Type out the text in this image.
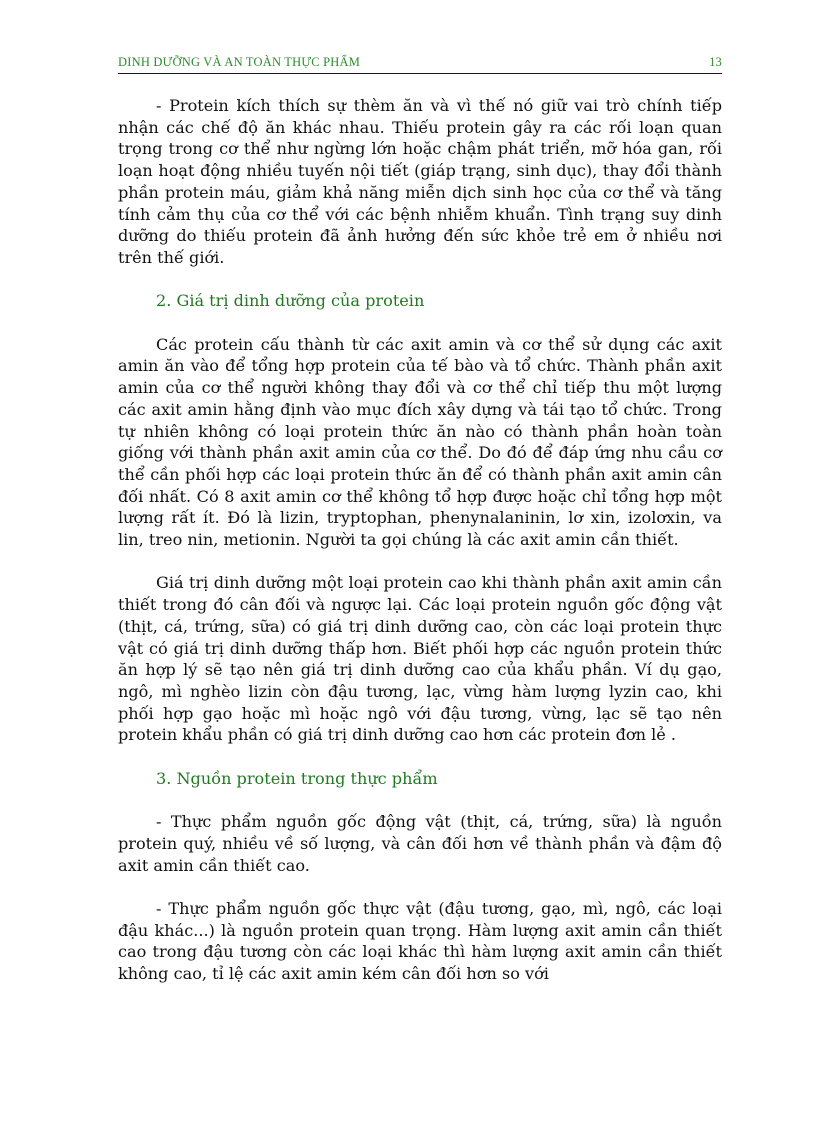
DINH DƯỠNG VÀ AN TOÀN THỰC PHẨM	13

- Protein kích thích sự thèm ăn và vì thế nó giữ vai trò chính tiếp nhận các chế độ ăn khác nhau. Thiếu protein gây ra các rối loạn quan trọng trong cơ thể như ngừng lớn hoặc chậm phát triển, mỡ hóa gan, rối loạn hoạt động nhiều tuyến nội tiết (giáp trạng, sinh dục), thay đổi thành phần protein máu, giảm khả năng miễn dịch sinh học của cơ thể và tăng tính cảm thụ của cơ thể với các bệnh nhiễm khuẩn. Tình trạng suy dinh dưỡng do thiếu protein đã ảnh hưởng đến sức khỏe trẻ em ở nhiều nơi trên thế giới.

2. Giá trị dinh dưỡng của protein

Các protein cấu thành từ các axit amin và cơ thể sử dụng các axit amin ăn vào để tổng hợp protein của tế bào và tổ chức. Thành phần axit amin của cơ thể người không thay đổi và cơ thể chỉ tiếp thu một lượng các axit amin hằng định vào mục đích xây dựng và tái tạo tổ chức. Trong tự nhiên không có loại protein thức ăn nào có thành phần hoàn toàn giống với thành phần axit amin của cơ thể. Do đó để đáp ứng nhu cầu cơ thể cần phối hợp các loại protein thức ăn để có thành phần axit amin cân đối nhất. Có 8 axit amin cơ thể không tổ hợp được hoặc chỉ tổng hợp một lượng rất ít. Đó là lizin, tryptophan, phenynalaninin, lơ xin, izolơxin, va lin, treo nin, metionin. Người ta gọi chúng là các axit amin cần thiết.

Giá trị dinh dưỡng một loại protein cao khi thành phần axit amin cần thiết trong đó cân đối và ngược lại. Các loại protein nguồn gốc động vật (thịt, cá, trứng, sữa) có giá trị dinh dưỡng cao, còn các loại protein thực vật có giá trị dinh dưỡng thấp hơn. Biết phối hợp các nguồn protein thức ăn hợp lý sẽ tạo nên giá trị dinh dưỡng cao của khẩu phần. Ví dụ gạo, ngô, mì nghèo lizin còn đậu tương, lạc, vừng hàm lượng lyzin cao, khi phối hợp gạo hoặc mì hoặc ngô với đậu tương, vừng, lạc sẽ tạo nên protein khẩu phần có giá trị dinh dưỡng cao hơn các protein đơn lẻ .

3. Nguồn protein trong thực phẩm

- Thực phẩm nguồn gốc động vật (thịt, cá, trứng, sữa) là nguồn protein quý, nhiều về số lượng, và cân đối hơn về thành phần và đậm độ axit amin cần thiết cao.

- Thực phẩm nguồn gốc thực vật (đậu tương, gạo, mì, ngô, các loại đậu khác...) là nguồn protein quan trọng. Hàm lượng axit amin cần thiết cao trong đậu tương còn các loại khác thì hàm lượng axit amin cần thiết không cao, tỉ lệ các axit amin kém cân đối hơn so với
